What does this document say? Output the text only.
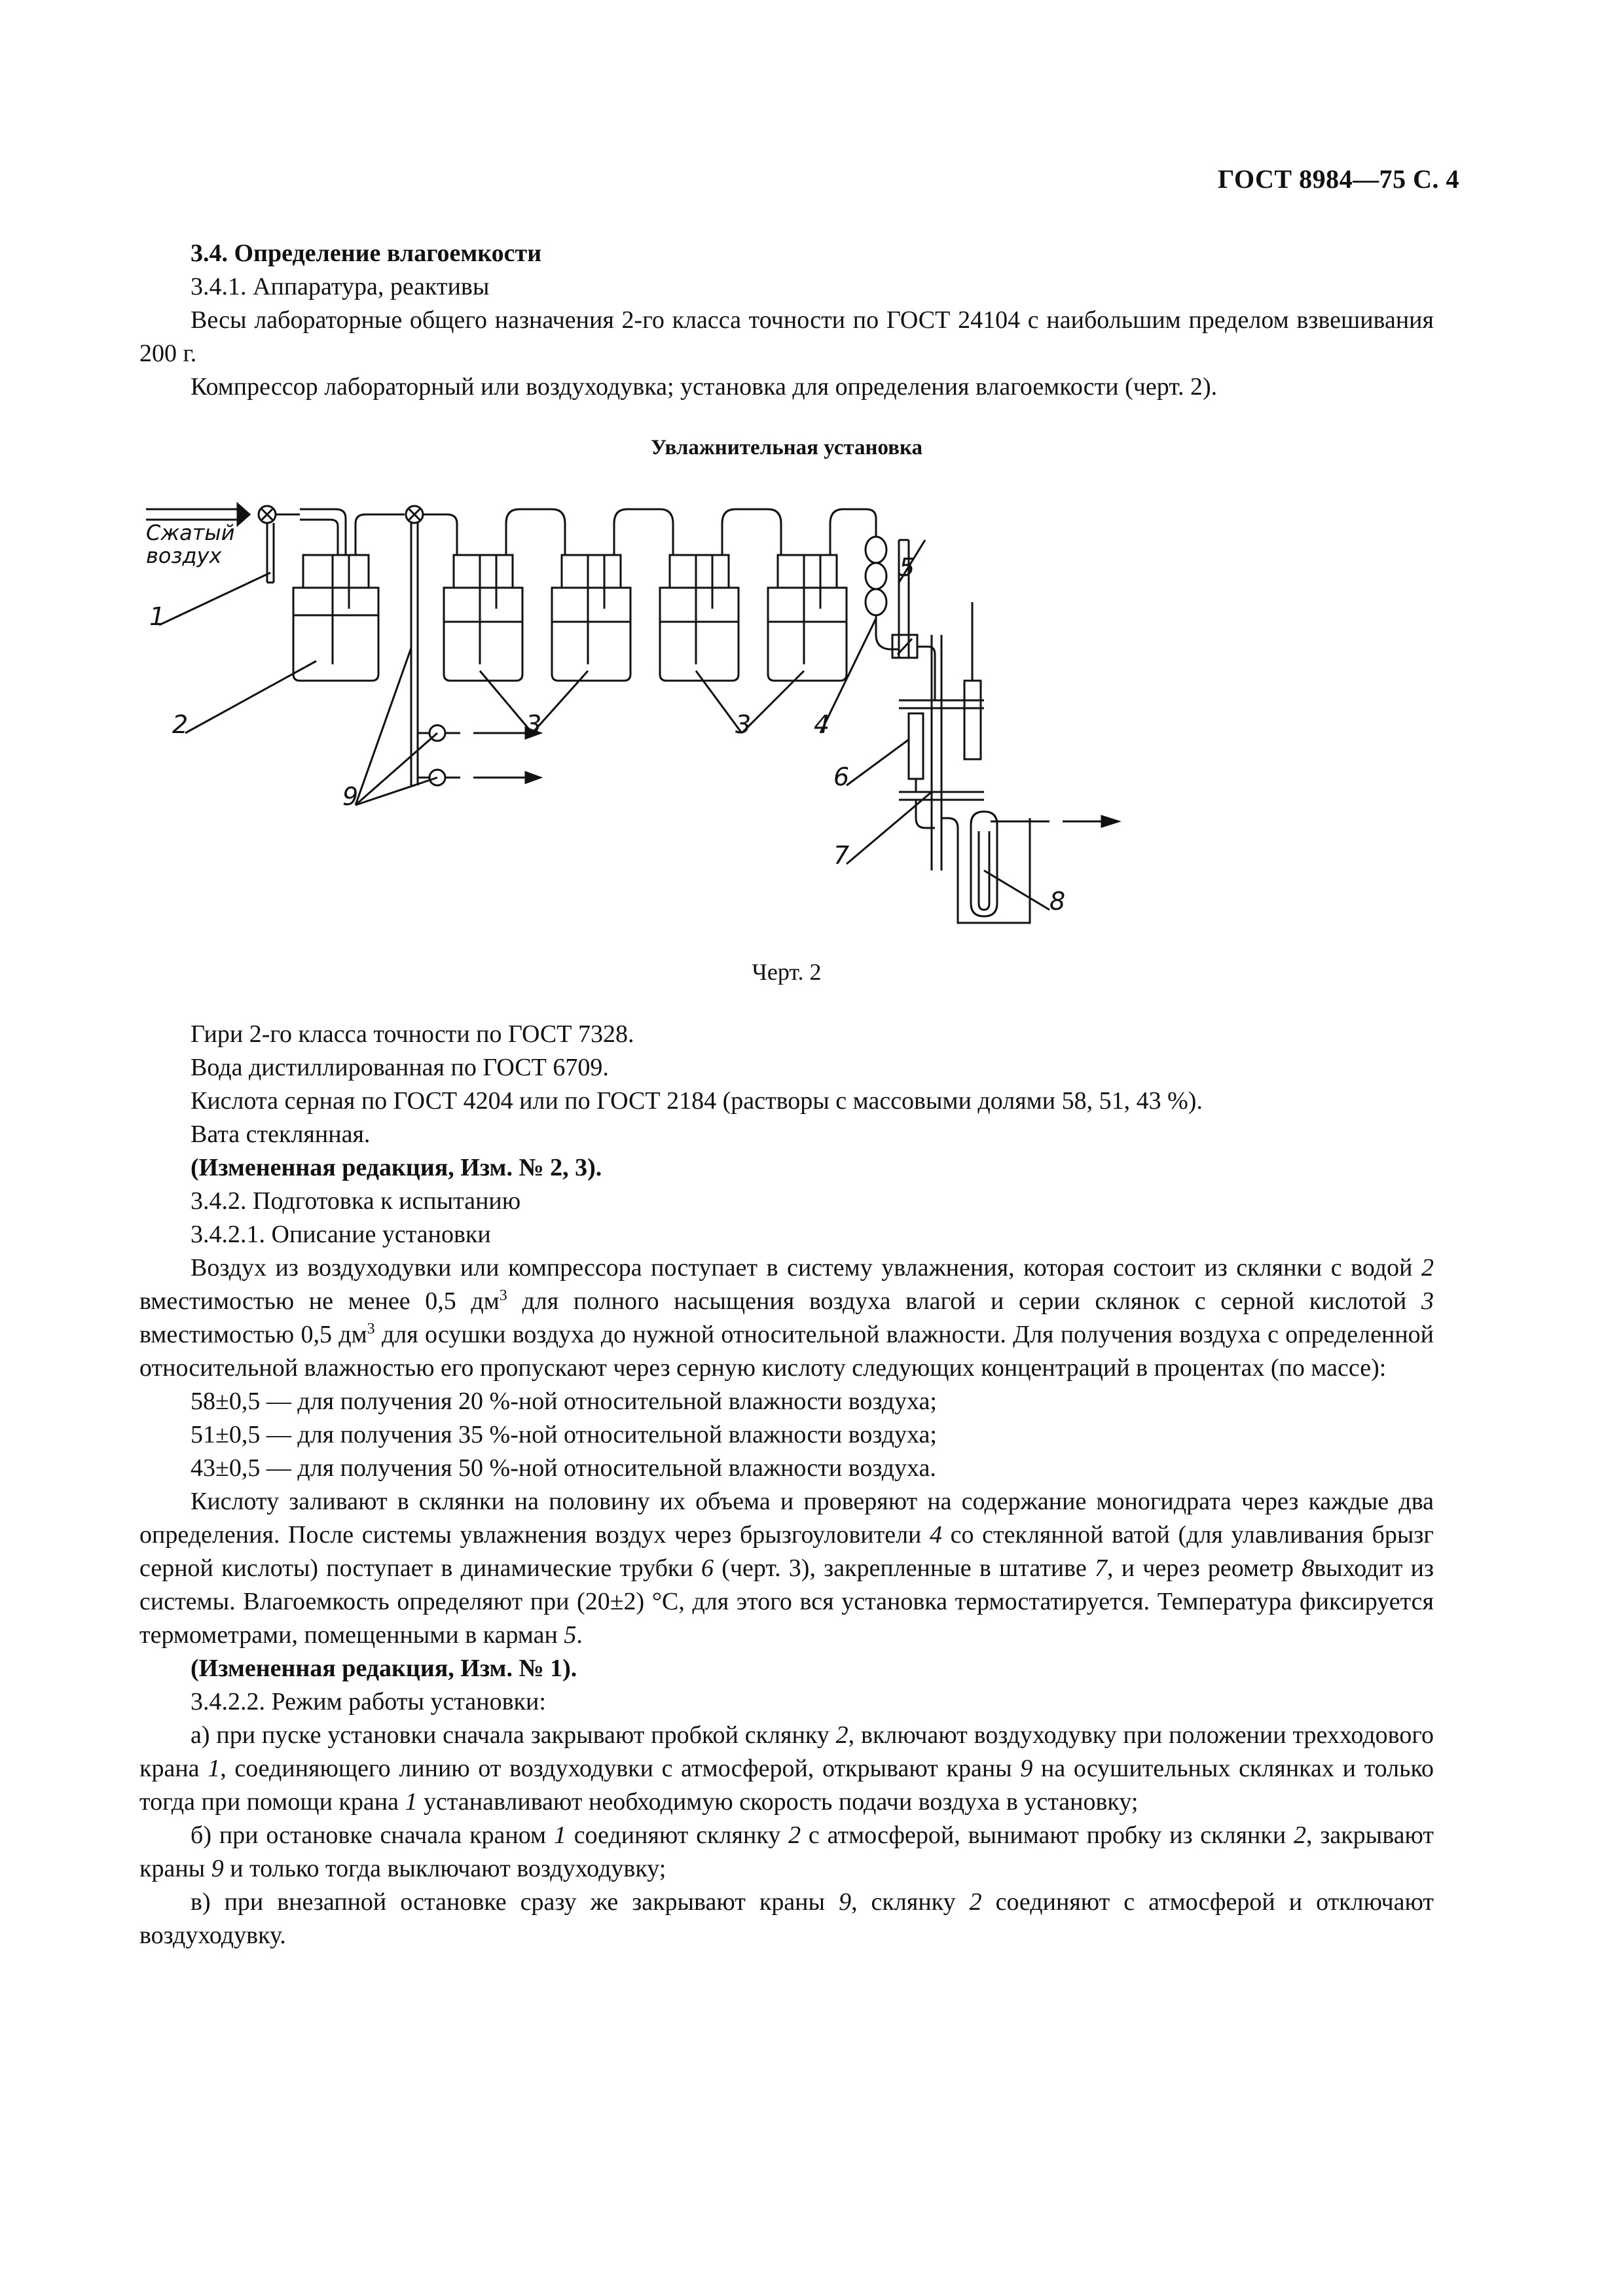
ГОСТ 8984—75 С. 4

3.4. Определение влагоемкости

3.4.1. Аппаратура, реактивы

Весы лабораторные общего назначения 2-го класса точности по ГОСТ 24104 с наибольшим пределом взвешивания 200 г.

Компрессор лабораторный или воздуходувка; установка для определения влагоемкости (черт. 2).

Увлажнительная установка
Сжатый
воздух
1
2	3	3	4
5
6
7
8
9
Черт. 2

Гири 2-го класса точности по ГОСТ 7328.

Вода дистиллированная по ГОСТ 6709.

Кислота серная по ГОСТ 4204 или по ГОСТ 2184 (растворы с массовыми долями 58, 51, 43 %).

Вата стеклянная.

(Измененная редакция, Изм. № 2, 3).

3.4.2. Подготовка к испытанию

3.4.2.1. Описание установки

Воздух из воздуходувки или компрессора поступает в систему увлажнения, которая состоит из склянки с водой 2 вместимостью не менее 0,5 $дм^3$ для полного насыщения воздуха влагой и серии склянок с серной кислотой 3 вместимостью 0,5 $дм^3$ для осушки воздуха до нужной относительной влажности. Для получения воздуха с определенной относительной влажностью его пропускают через серную кислоту следующих концентраций в процентах (по массе):

58±0,5 — для получения 20 %-ной относительной влажности воздуха;

51±0,5 — для получения 35 %-ной относительной влажности воздуха;

43±0,5 — для получения 50 %-ной относительной влажности воздуха.

Кислоту заливают в склянки на половину их объема и проверяют на содержание моногидрата через каждые два определения. После системы увлажнения воздух через брызгоуловители 4 со стеклянной ватой (для улавливания брызг серной кислоты) поступает в динамические трубки 6 (черт. 3), закрепленные в штативе 7, и через реометр 8выходит из системы. Влагоемкость определяют при (20±2) °С, для этого вся установка термостатируется. Температура фиксируется термометрами, помещенными в карман 5.

(Измененная редакция, Изм. № 1).

3.4.2.2. Режим работы установки:

а) при пуске установки сначала закрывают пробкой склянку 2, включают воздуходувку при положении трехходового крана 1, соединяющего линию от воздуходувки с атмосферой, открывают краны 9 на осушительных склянках и только тогда при помощи крана 1 устанавливают необходимую скорость подачи воздуха в установку;

б) при остановке сначала краном 1 соединяют склянку 2 с атмосферой, вынимают пробку из склянки 2, закрывают краны 9 и только тогда выключают воздуходувку;

в) при внезапной остановке сразу же закрывают краны 9, склянку 2 соединяют с атмосферой и отключают воздуходувку.
